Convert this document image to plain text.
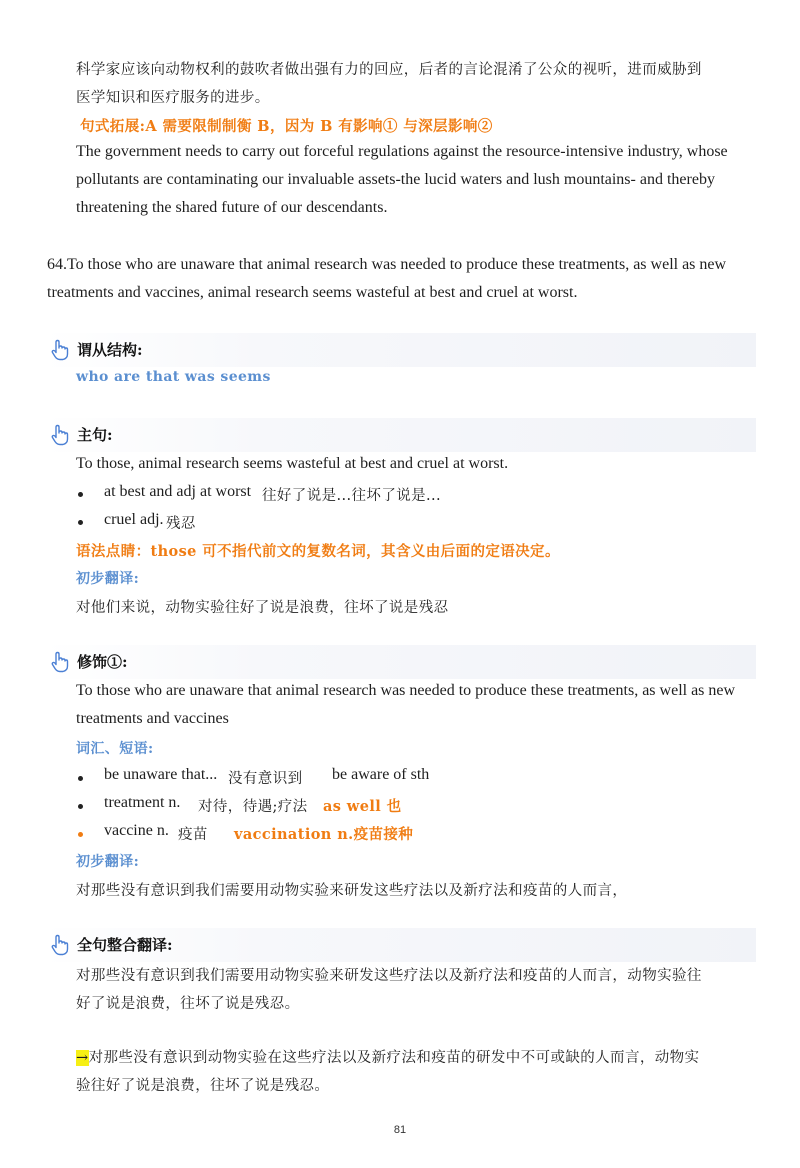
科学家应该向动物权利的鼓吹者做出强有力的回应，后者的言论混淆了公众的视听，进而威胁到
医学知识和医疗服务的进步。
句式拓展:A 需要限制制衡 B，因为 B 有影响① 与深层影响②
The government needs to carry out forceful regulations against the resource-intensive industry, whose
pollutants are contaminating our invaluable assets-the lucid waters and lush mountains- and thereby
threatening the shared future of our descendants.
64.To those who are unaware that animal research was needed to produce these treatments, as well as new
treatments and vaccines, animal research seems wasteful at best and cruel at worst.
谓从结构:
who are that was seems
主句:
To those, animal research seems wasteful at best and cruel at worst.
at best and adj at worst 往好了说是...往坏了说是...
cruel adj. 残忍
语法点睛：those 可不指代前文的复数名词，其含义由后面的定语决定。
初步翻译:
对他们来说，动物实验往好了说是浪费，往坏了说是残忍
修饰①:
To those who are unaware that animal research was needed to produce these treatments, as well as new
treatments and vaccines
词汇、短语:
be unaware that... 没有意识到 be aware of sth
treatment n. 对待，待遇;疗法 as well 也
vaccine n. 疫苗 vaccination n.疫苗接种
初步翻译:
对那些没有意识到我们需要用动物实验来研发这些疗法以及新疗法和疫苗的人而言，
全句整合翻译:
对那些没有意识到我们需要用动物实验来研发这些疗法以及新疗法和疫苗的人而言，动物实验往
好了说是浪费，往坏了说是残忍。
→对那些没有意识到动物实验在这些疗法以及新疗法和疫苗的研发中不可或缺的人而言，动物实
验往好了说是浪费，往坏了说是残忍。
81
